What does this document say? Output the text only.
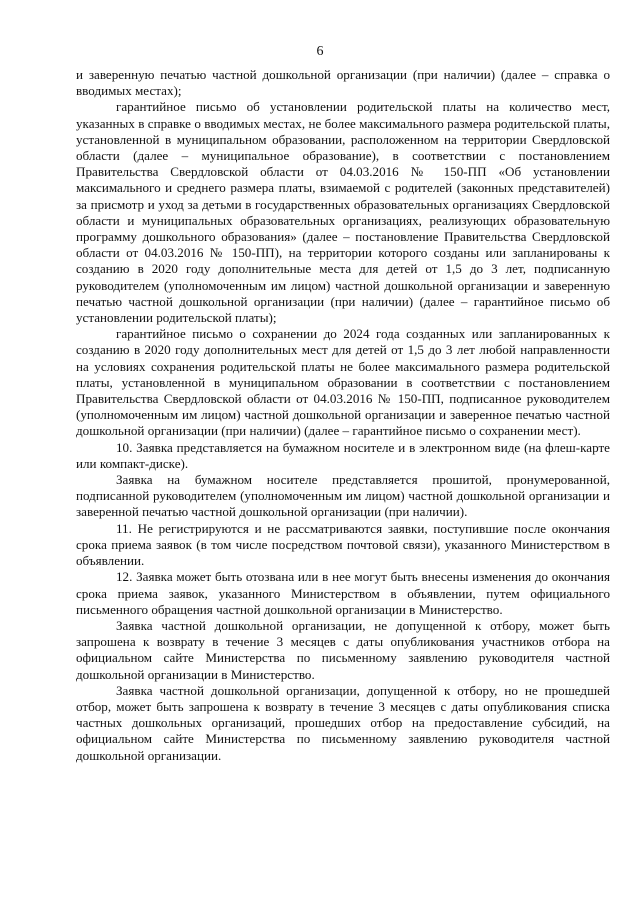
6

и заверенную печатью частной дошкольной организации (при наличии) (далее – справка о вводимых местах);

гарантийное письмо об установлении родительской платы на количество мест, указанных в справке о вводимых местах, не более максимального размера родительской платы, установленной в муниципальном образовании, расположенном на территории Свердловской области (далее – муниципальное образование), в соответствии с постановлением Правительства Свердловской области от 04.03.2016 № 150-ПП «Об установлении максимального и среднего размера платы, взимаемой с родителей (законных представителей) за присмотр и уход за детьми в государственных образовательных организациях Свердловской области и муниципальных образовательных организациях, реализующих образовательную программу дошкольного образования» (далее – постановление Правительства Свердловской области от 04.03.2016 № 150-ПП), на территории которого созданы или запланированы к созданию в 2020 году дополнительные места для детей от 1,5 до 3 лет, подписанную руководителем (уполномоченным им лицом) частной дошкольной организации и заверенную печатью частной дошкольной организации (при наличии) (далее – гарантийное письмо об установлении родительской платы);

гарантийное письмо о сохранении до 2024 года созданных или запланированных к созданию в 2020 году дополнительных мест для детей от 1,5 до 3 лет любой направленности на условиях сохранения родительской платы не более максимального размера родительской платы, установленной в муниципальном образовании в соответствии с постановлением Правительства Свердловской области от 04.03.2016 № 150-ПП, подписанное руководителем (уполномоченным им лицом) частной дошкольной организации и заверенное печатью частной дошкольной организации (при наличии) (далее – гарантийное письмо о сохранении мест).

10. Заявка представляется на бумажном носителе и в электронном виде (на флеш-карте или компакт-диске).

Заявка на бумажном носителе представляется прошитой, пронумерованной, подписанной руководителем (уполномоченным им лицом) частной дошкольной организации и заверенной печатью частной дошкольной организации (при наличии).

11. Не регистрируются и не рассматриваются заявки, поступившие после окончания срока приема заявок (в том числе посредством почтовой связи), указанного Министерством в объявлении.

12. Заявка может быть отозвана или в нее могут быть внесены изменения до окончания срока приема заявок, указанного Министерством в объявлении, путем официального письменного обращения частной дошкольной организации в Министерство.

Заявка частной дошкольной организации, не допущенной к отбору, может быть запрошена к возврату в течение 3 месяцев с даты опубликования участников отбора на официальном сайте Министерства по письменному заявлению руководителя частной дошкольной организации в Министерство.

Заявка частной дошкольной организации, допущенной к отбору, но не прошедшей отбор, может быть запрошена к возврату в течение 3 месяцев с даты опубликования списка частных дошкольных организаций, прошедших отбор на предоставление субсидий, на официальном сайте Министерства по письменному заявлению руководителя частной дошкольной организации.
